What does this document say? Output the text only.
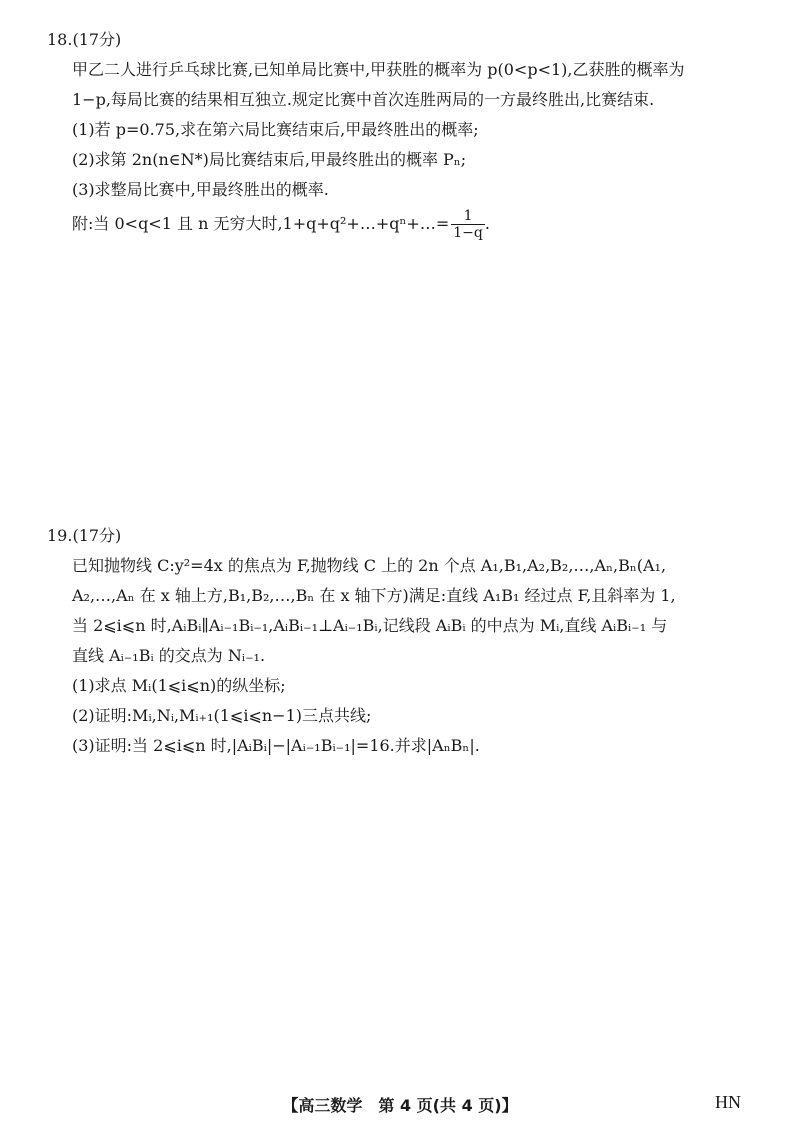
18.(17分)
甲乙二人进行乒乓球比赛,已知单局比赛中,甲获胜的概率为 p(0<p<1),乙获胜的概率为
1−p,每局比赛的结果相互独立.规定比赛中首次连胜两局的一方最终胜出,比赛结束.
(1)若 p=0.75,求在第六局比赛结束后,甲最终胜出的概率;
(2)求第 2n(n∈N*)局比赛结束后,甲最终胜出的概率 Pₙ;
(3)求整局比赛中,甲最终胜出的概率.
附:当 0<q<1 且 n 无穷大时,1+q+q²+…+qⁿ+…= $\frac{1}{1-q}$ .
19.(17分)
已知抛物线 C:y²=4x 的焦点为 F,抛物线 C 上的 2n 个点 A₁,B₁,A₂,B₂,…,Aₙ,Bₙ(A₁,
A₂,…,Aₙ 在 x 轴上方,B₁,B₂,…,Bₙ 在 x 轴下方)满足:直线 A₁B₁ 经过点 F,且斜率为 1,
当 2⩽i⩽n 时,AᵢBᵢ∥Aᵢ₋₁Bᵢ₋₁,AᵢBᵢ₋₁⊥Aᵢ₋₁Bᵢ,记线段 AᵢBᵢ 的中点为 Mᵢ,直线 AᵢBᵢ₋₁ 与
直线 Aᵢ₋₁Bᵢ 的交点为 Nᵢ₋₁.
(1)求点 Mᵢ(1⩽i⩽n)的纵坐标;
(2)证明:Mᵢ,Nᵢ,Mᵢ₊₁(1⩽i⩽n−1)三点共线;
(3)证明:当 2⩽i⩽n 时,|AᵢBᵢ|−|Aᵢ₋₁Bᵢ₋₁|=16.并求|AₙBₙ|.
【高三数学　第 4 页(共 4 页)】	HN
